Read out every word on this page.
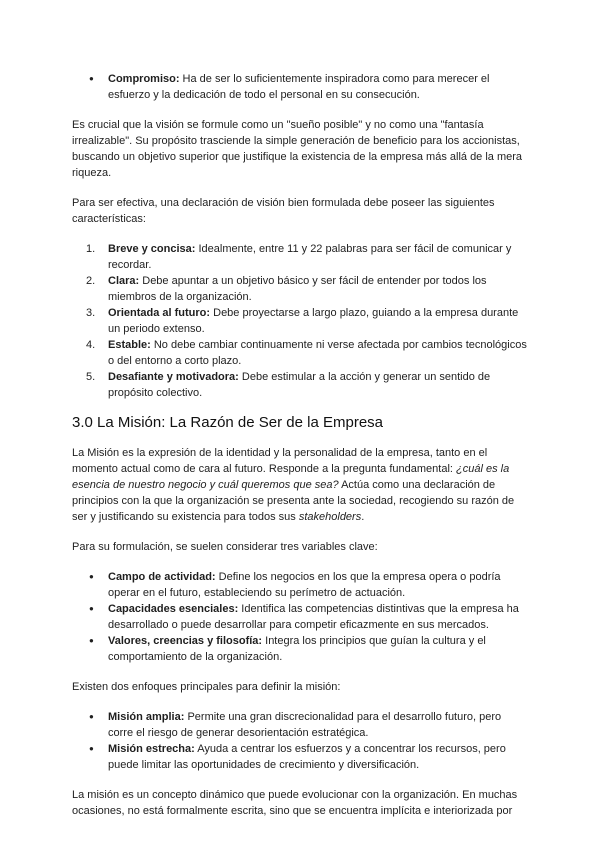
● Compromiso: Ha de ser lo suficientemente inspiradora como para merecer el esfuerzo y la dedicación de todo el personal en su consecución.

Es crucial que la visión se formule como un "sueño posible" y no como una "fantasía irrealizable". Su propósito trasciende la simple generación de beneficio para los accionistas, buscando un objetivo superior que justifique la existencia de la empresa más allá de la mera riqueza.

Para ser efectiva, una declaración de visión bien formulada debe poseer las siguientes características:

1. Breve y concisa: Idealmente, entre 11 y 22 palabras para ser fácil de comunicar y recordar.
2. Clara: Debe apuntar a un objetivo básico y ser fácil de entender por todos los miembros de la organización.
3. Orientada al futuro: Debe proyectarse a largo plazo, guiando a la empresa durante un periodo extenso.
4. Estable: No debe cambiar continuamente ni verse afectada por cambios tecnológicos o del entorno a corto plazo.
5. Desafiante y motivadora: Debe estimular a la acción y generar un sentido de propósito colectivo.
3.0 La Misión: La Razón de Ser de la Empresa

La Misión es la expresión de la identidad y la personalidad de la empresa, tanto en el momento actual como de cara al futuro. Responde a la pregunta fundamental: ¿cuál es la esencia de nuestro negocio y cuál queremos que sea? Actúa como una declaración de principios con la que la organización se presenta ante la sociedad, recogiendo su razón de ser y justificando su existencia para todos sus stakeholders.

Para su formulación, se suelen considerar tres variables clave:

● Campo de actividad: Define los negocios en los que la empresa opera o podría operar en el futuro, estableciendo su perímetro de actuación.
● Capacidades esenciales: Identifica las competencias distintivas que la empresa ha desarrollado o puede desarrollar para competir eficazmente en sus mercados.
● Valores, creencias y filosofía: Integra los principios que guían la cultura y el comportamiento de la organización.

Existen dos enfoques principales para definir la misión:

● Misión amplia: Permite una gran discrecionalidad para el desarrollo futuro, pero corre el riesgo de generar desorientación estratégica.
● Misión estrecha: Ayuda a centrar los esfuerzos y a concentrar los recursos, pero puede limitar las oportunidades de crecimiento y diversificación.

La misión es un concepto dinámico que puede evolucionar con la organización. En muchas ocasiones, no está formalmente escrita, sino que se encuentra implícita e interiorizada por
